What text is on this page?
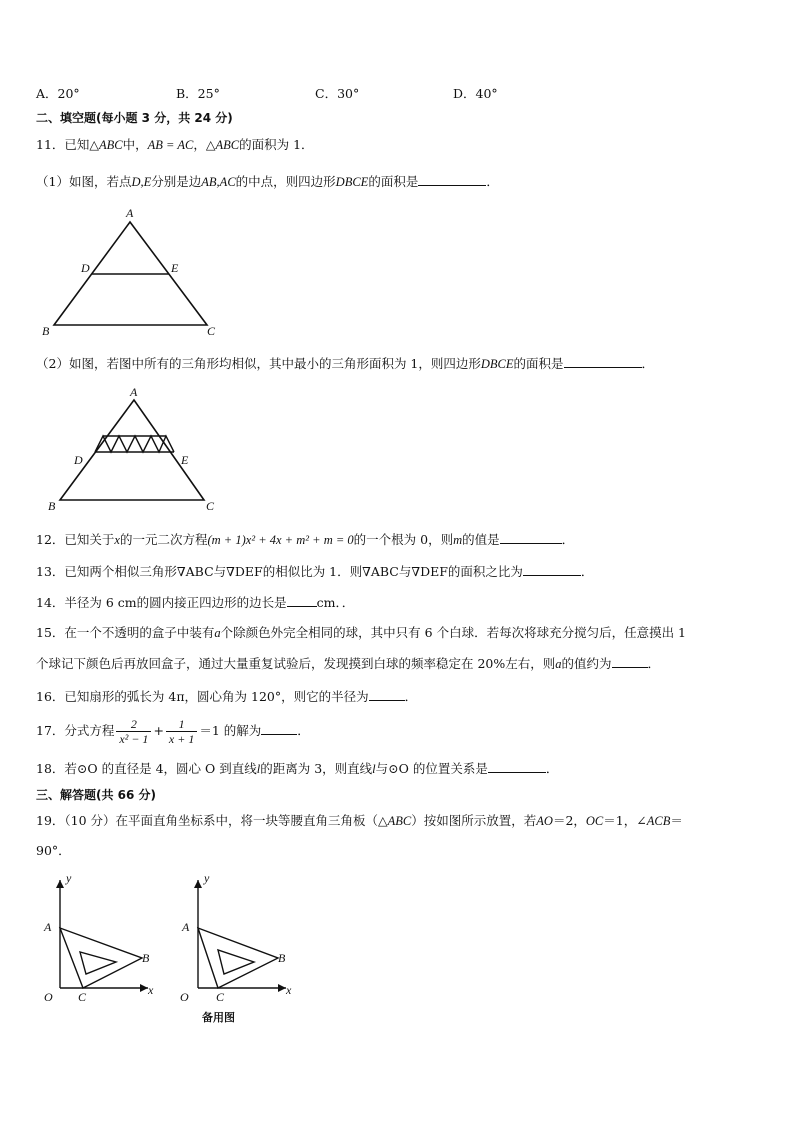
A．20°	B．25°	C．30°	D．40°
二、填空题(每小题 3 分，共 24 分)
11．已知△ABC中，AB = AC，△ABC的面积为 1．
（1）如图，若点D,E分别是边AB,AC的中点，则四边形DBCE的面积是	．
A
D	E
B	C
（2）如图，若图中所有的三角形均相似，其中最小的三角形面积为 1，则四边形DBCE的面积是	．
A
D	E
B	C
12．已知关于x的一元二次方程(m + 1)x² + 4x + m² + m = 0的一个根为 0，则m的值是	．
13．已知两个相似三角形∇ABC与∇DEF的相似比为 1．则∇ABC与∇DEF的面积之比为	．
14．半径为 6 cm的圆内接正四边形的边长是 cm．．
15．在一个不透明的盒子中装有a个除颜色外完全相同的球，其中只有 6 个白球．若每次将球充分搅匀后，任意摸出 1
个球记下颜色后再放回盒子，通过大量重复试验后，发现摸到白球的频率稳定在 20%左右，则a的值约为	．
16．已知扇形的弧长为 4π，圆心角为 120°，则它的半径为	．
17．分式方程 $\frac{2}{\text{x² − 1}} + \frac{1}{x + 1} =1$ 的解为	．
18．若⊙O 的直径是 4，圆心 O 到直线l的距离为 3，则直线l与⊙O 的位置关系是	．
三、解答题(共 66 分)
19．（10 分）在平面直角坐标系中，将一块等腰直角三角板（△ABC）按如图所示放置，若AO＝2，OC＝1，∠ACB＝
90°．
y
A
B
C
O	x
y
A
B
C
O	x
备用图
